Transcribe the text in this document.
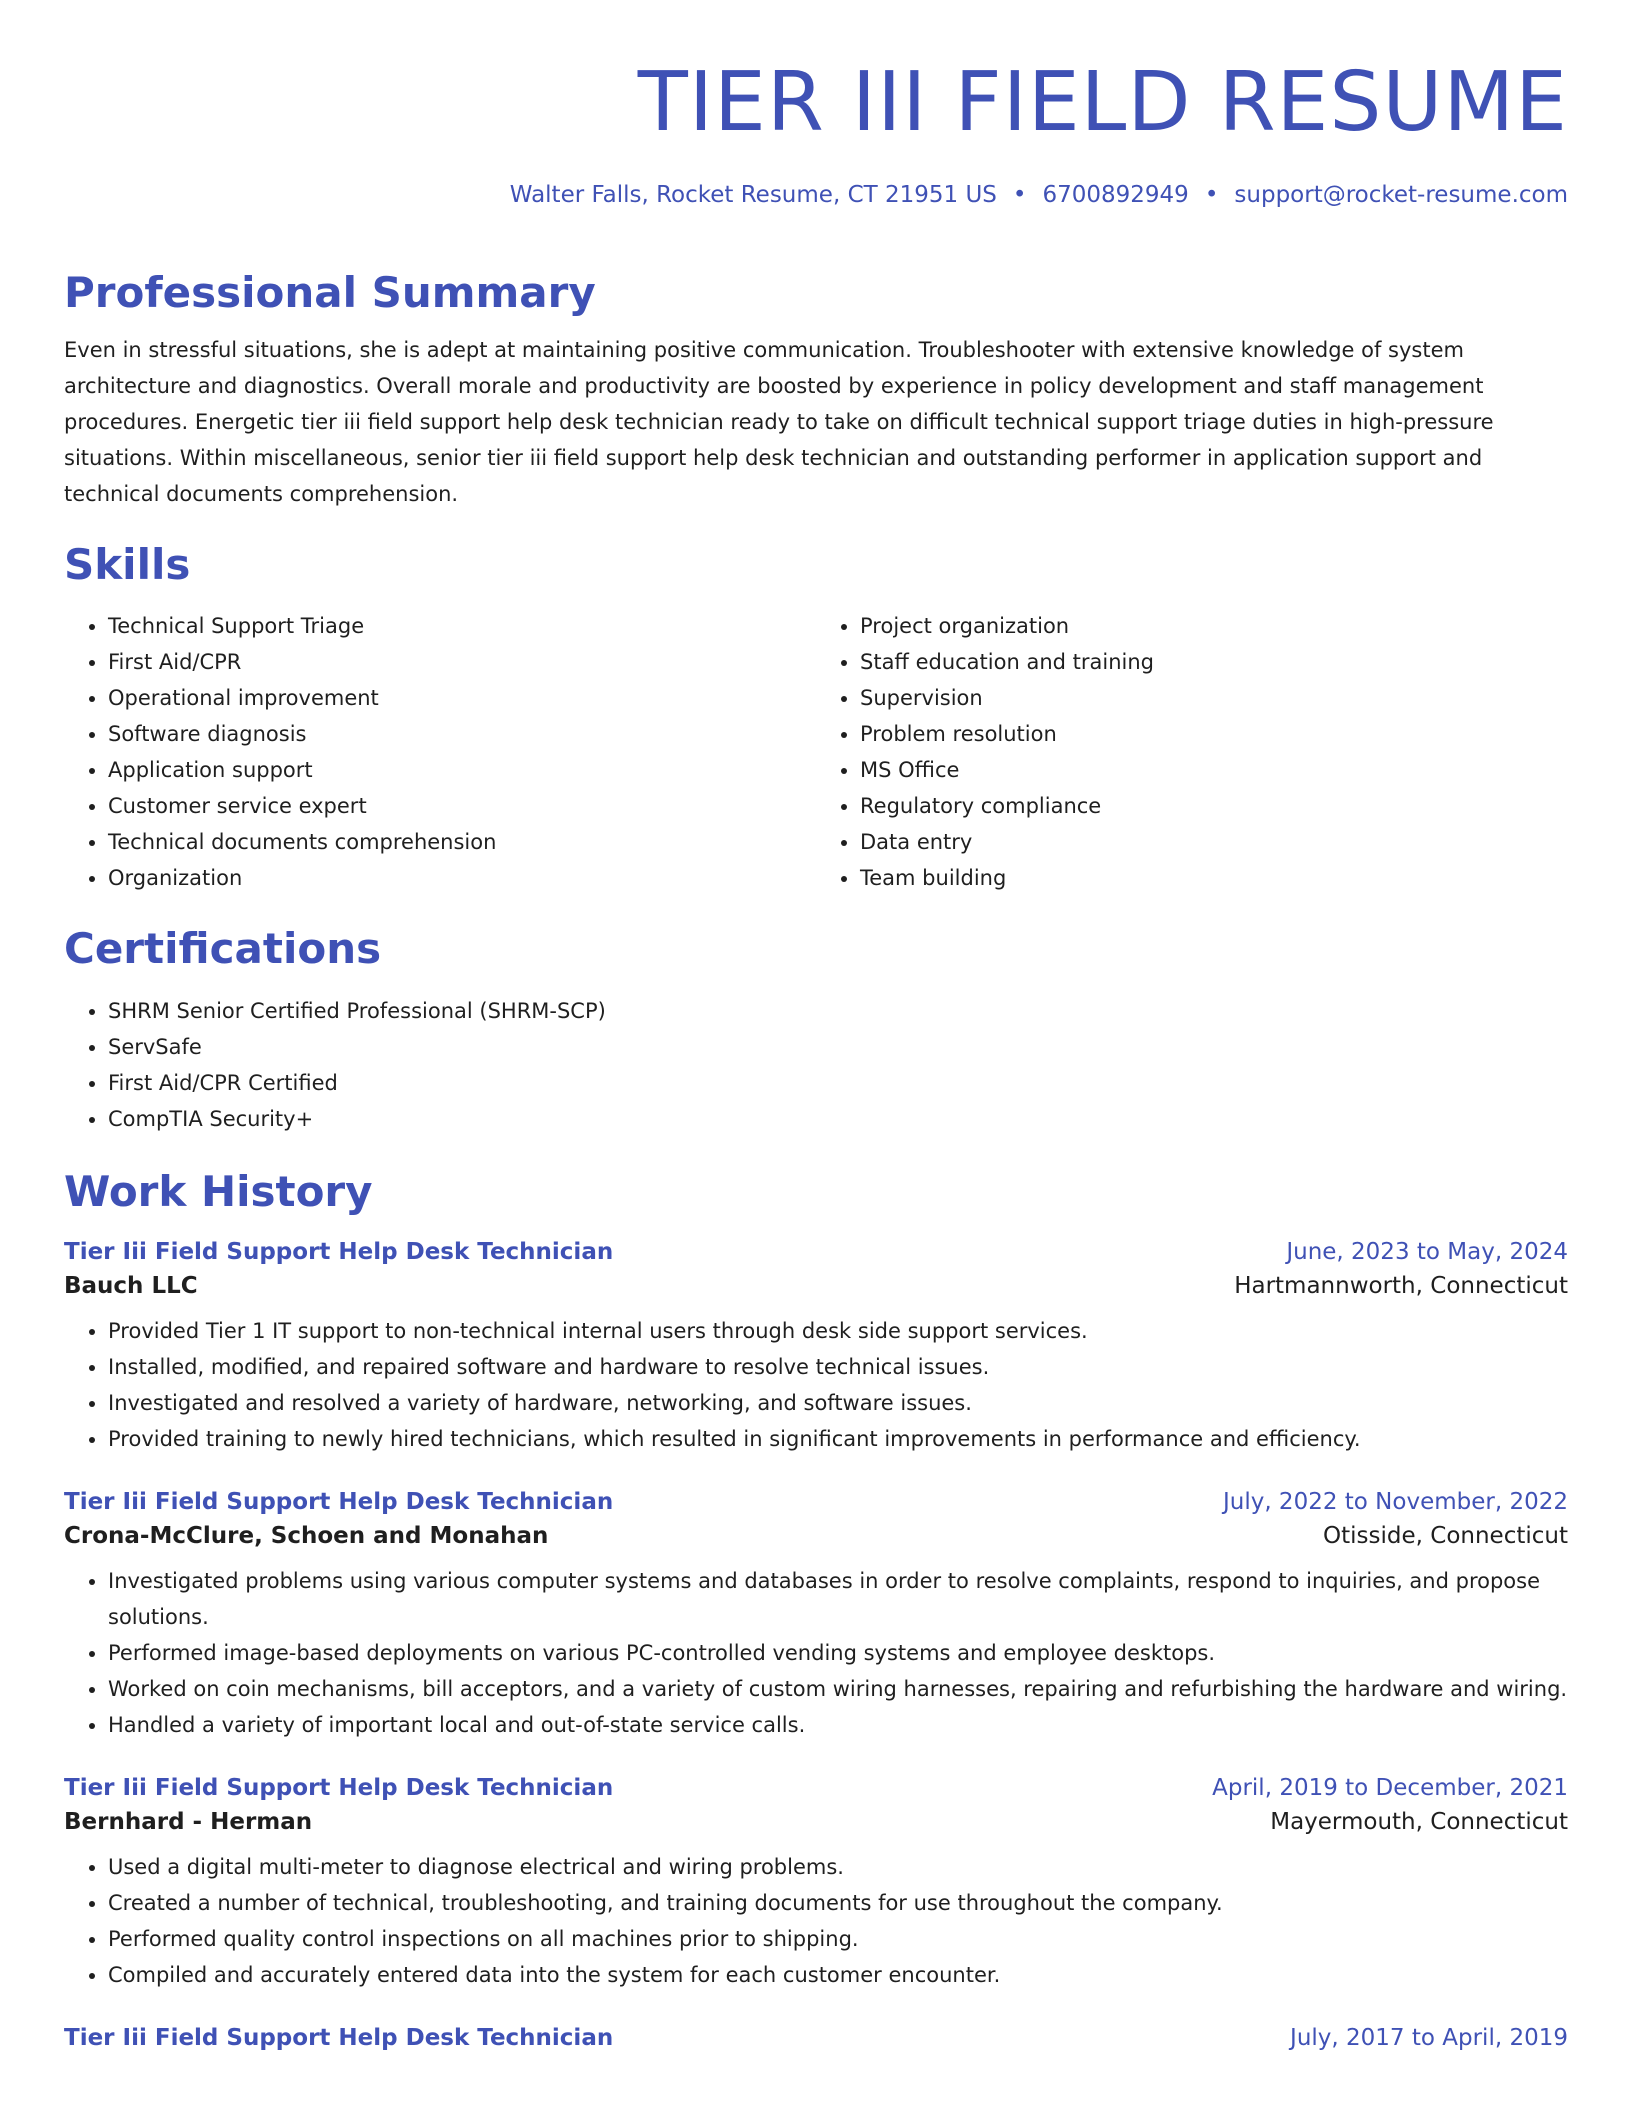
TIER III FIELD RESUME
Walter Falls, Rocket Resume, CT 21951 US • 6700892949 • support@rocket-resume.com
Professional Summary
Even in stressful situations, she is adept at maintaining positive communication. Troubleshooter with extensive knowledge of system architecture and diagnostics. Overall morale and productivity are boosted by experience in policy development and staff management procedures. Energetic tier iii field support help desk technician ready to take on difficult technical support triage duties in high-pressure situations. Within miscellaneous, senior tier iii field support help desk technician and outstanding performer in application support and technical documents comprehension.
Skills
• Technical Support Triage
• First Aid/CPR
• Operational improvement
• Software diagnosis
• Application support
• Customer service expert
• Technical documents comprehension
• Organization
• Project organization
• Staff education and training
• Supervision
• Problem resolution
• MS Office
• Regulatory compliance
• Data entry
• Team building
Certifications
• SHRM Senior Certified Professional (SHRM-SCP)
• ServSafe
• First Aid/CPR Certified
• CompTIA Security+
Work History
Tier Iii Field Support Help Desk Technician	June, 2023 to May, 2024
Bauch LLC	Hartmannworth, Connecticut
• Provided Tier 1 IT support to non-technical internal users through desk side support services.
• Installed, modified, and repaired software and hardware to resolve technical issues.
• Investigated and resolved a variety of hardware, networking, and software issues.
• Provided training to newly hired technicians, which resulted in significant improvements in performance and efficiency.
Tier Iii Field Support Help Desk Technician	July, 2022 to November, 2022
Crona-McClure, Schoen and Monahan	Otisside, Connecticut
• Investigated problems using various computer systems and databases in order to resolve complaints, respond to inquiries, and propose solutions.
• Performed image-based deployments on various PC-controlled vending systems and employee desktops.
• Worked on coin mechanisms, bill acceptors, and a variety of custom wiring harnesses, repairing and refurbishing the hardware and wiring.
• Handled a variety of important local and out-of-state service calls.
Tier Iii Field Support Help Desk Technician	April, 2019 to December, 2021
Bernhard - Herman	Mayermouth, Connecticut
• Used a digital multi-meter to diagnose electrical and wiring problems.
• Created a number of technical, troubleshooting, and training documents for use throughout the company.
• Performed quality control inspections on all machines prior to shipping.
• Compiled and accurately entered data into the system for each customer encounter.
Tier Iii Field Support Help Desk Technician	July, 2017 to April, 2019
